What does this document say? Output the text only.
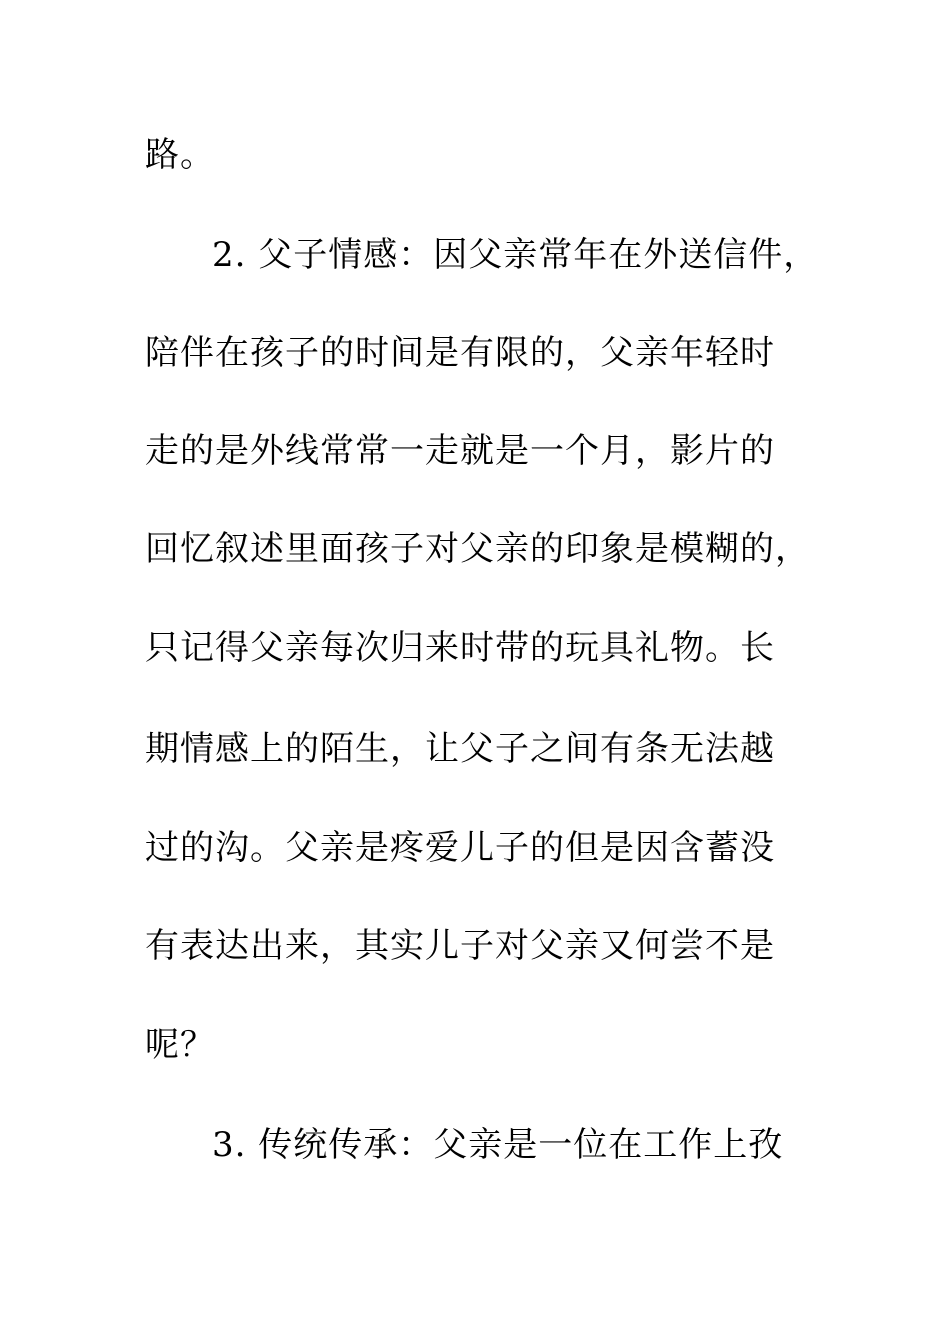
路。
2. 父子情感：因父亲常年在外送信件，
陪伴在孩子的时间是有限的，父亲年轻时
走的是外线常常一走就是一个月，影片的
回忆叙述里面孩子对父亲的印象是模糊的，
只记得父亲每次归来时带的玩具礼物。长
期情感上的陌生，让父子之间有条无法越
过的沟。父亲是疼爱儿子的但是因含蓄没
有表达出来，其实儿子对父亲又何尝不是
呢？
3. 传统传承：父亲是一位在工作上孜
